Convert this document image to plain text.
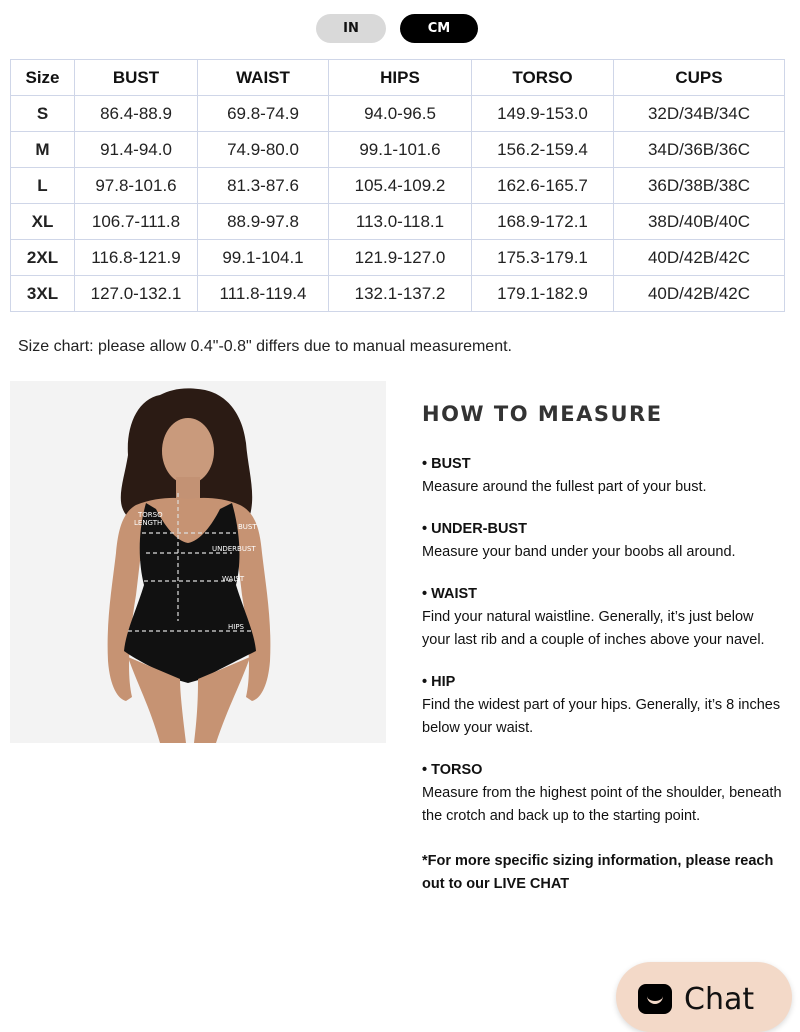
IN	CM
Size	BUST	WAIST	HIPS	TORSO	CUPS
S	86.4-88.9	69.8-74.9	94.0-96.5	149.9-153.0	32D/34B/34C
M	91.4-94.0	74.9-80.0	99.1-101.6	156.2-159.4	34D/36B/36C
L	97.8-101.6	81.3-87.6	105.4-109.2	162.6-165.7	36D/38B/38C
XL	106.7-111.8	88.9-97.8	113.0-118.1	168.9-172.1	38D/40B/40C
2XL	116.8-121.9	99.1-104.1	121.9-127.0	175.3-179.1	40D/42B/42C
3XL	127.0-132.1	111.8-119.4	132.1-137.2	179.1-182.9	40D/42B/42C
Size chart: please allow 0.4"-0.8" differs due to manual measurement.
TORSO
LENGTH	BUST
UNDERBUST
WAIST
HIPS
HOW TO MEASURE
• BUST
Measure around the fullest part of your bust.
• UNDER-BUST
Measure your band under your boobs all around.
• WAIST
Find your natural waistline. Generally, it’s just below your last rib and a couple of inches above your navel.
• HIP
Find the widest part of your hips. Generally, it’s 8 inches below your waist.
• TORSO
Measure from the highest point of the shoulder, beneath the crotch and back up to the starting point.
*For more specific sizing information, please reach out to our LIVE CHAT
Chat
